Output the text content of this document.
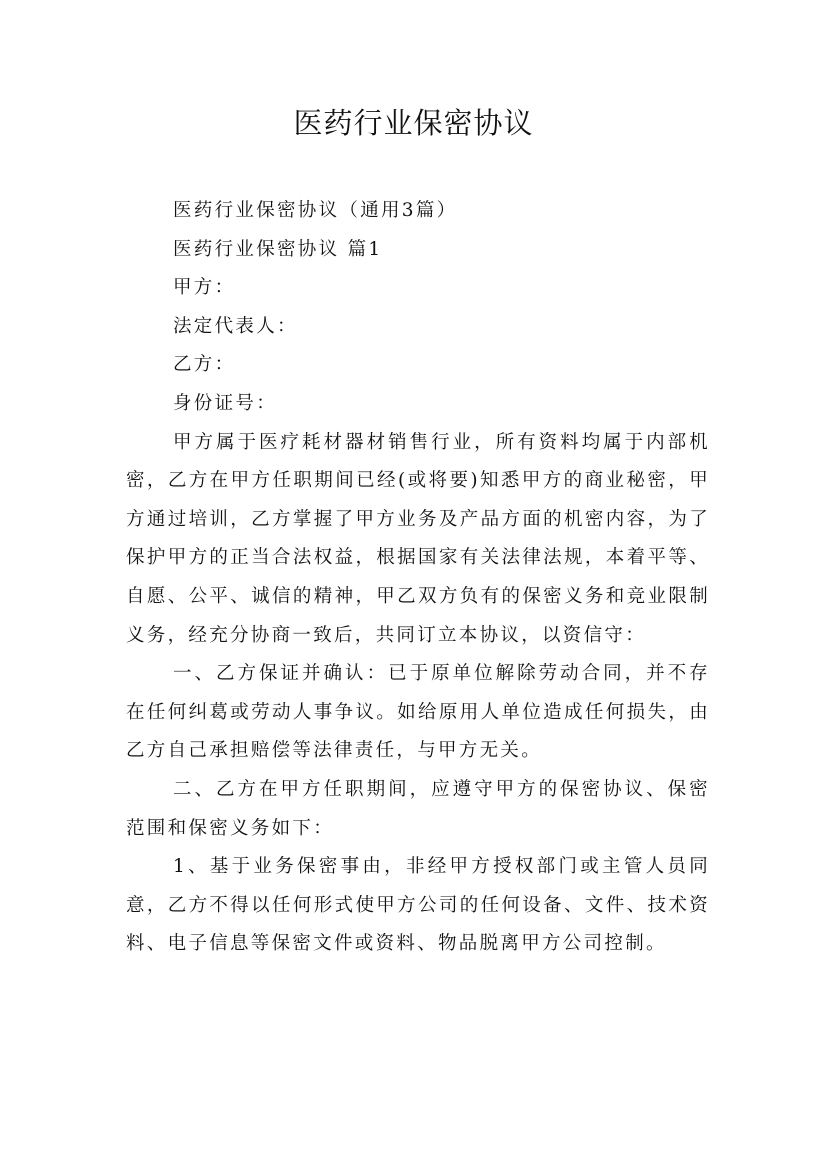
医药行业保密协议

医药行业保密协议（通用3篇）

医药行业保密协议 篇1

甲方：

法定代表人：

乙方：

身份证号：

甲方属于医疗耗材器材销售行业，所有资料均属于内部机密，乙方在甲方任职期间已经(或将要)知悉甲方的商业秘密，甲方通过培训，乙方掌握了甲方业务及产品方面的机密内容，为了保护甲方的正当合法权益，根据国家有关法律法规，本着平等、自愿、公平、诚信的精神，甲乙双方负有的保密义务和竞业限制义务，经充分协商一致后，共同订立本协议，以资信守：

一、乙方保证并确认：已于原单位解除劳动合同，并不存在任何纠葛或劳动人事争议。如给原用人单位造成任何损失，由乙方自己承担赔偿等法律责任，与甲方无关。

二、乙方在甲方任职期间，应遵守甲方的保密协议、保密范围和保密义务如下：

1、基于业务保密事由，非经甲方授权部门或主管人员同意，乙方不得以任何形式使甲方公司的任何设备、文件、技术资料、电子信息等保密文件或资料、物品脱离甲方公司控制。
